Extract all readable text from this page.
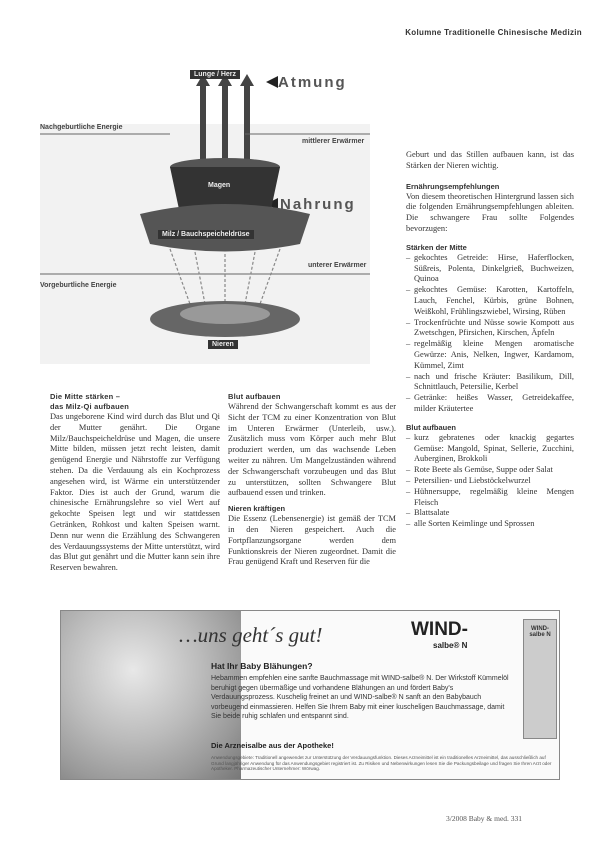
Kolumne Traditionelle Chinesische Medizin
Lunge / Herz	Atmung
Nachgeburtliche Energie
mittlerer Erwärmer
Magen
Nahrung
Milz / Bauchspeicheldrüse
unterer Erwärmer
Vorgeburtliche Energie
Nieren
Die Mitte stärken –
das Milz-Qi aufbauen

Das ungeborene Kind wird durch das Blut und Qi der Mutter genährt. Die Organe Milz/Bauchspeicheldrüse und Magen, die unsere Mitte bilden, müssen jetzt recht leisten, damit genügend Energie und Nährstoffe zur Verfügung stehen. Da die Verdauung als ein Kochprozess angesehen wird, ist Wärme ein unterstützender Faktor. Dies ist auch der Grund, warum die chinesische Ernährungslehre so viel Wert auf gekochte Speisen legt und wir stattdessen Getränken, Rohkost und kalten Speisen warnt. Denn nur wenn die Erzählung des Schwangeren des Verdauungssystems der Mitte unterstützt, wird das Blut gut genährt und die Mutter kann sein ihre Reserven bewahren.

Blut aufbauen

Während der Schwangerschaft kommt es aus der Sicht der TCM zu einer Konzentration von Blut im Unteren Erwärmer (Unterleib, usw.). Zusätzlich muss vom Körper auch mehr Blut produziert werden, um das wachsende Leben weiter zu nähren. Um Mangelzuständen während der Schwangerschaft vorzubeugen und das Blut zu unterstützen, sollten Schwangere Blut aufbauend essen und trinken.

Nieren kräftigen

Die Essenz (Lebensenergie) ist gemäß der TCM in den Nieren gespeichert. Auch die Fortpflanzungsorgane werden dem Funktionskreis der Nieren zugeordnet. Damit die Frau genügend Kraft und Reserven für die

Geburt und das Stillen aufbauen kann, ist das Stärken der Nieren wichtig.

Ernährungsempfehlungen

Von diesem theoretischen Hintergrund lassen sich die folgenden Ernährungsempfehlungen ableiten. Die schwangere Frau sollte Folgendes bevorzugen:

Stärken der Mitte
– gekochtes Getreide: Hirse, Haferflocken, Süßreis, Polenta, Dinkelgrieß, Buchweizen, Quinoa
– gekochtes Gemüse: Karotten, Kartoffeln, Lauch, Fenchel, Kürbis, grüne Bohnen, Weißkohl, Frühlingszwiebel, Wirsing, Rüben
– Trockenfrüchte und Nüsse sowie Kompott aus Zwetschgen, Pfirsichen, Kirschen, Äpfeln
– regelmäßig kleine Mengen aromatische Gewürze: Anis, Nelken, Ingwer, Kardamom, Kümmel, Zimt
– nach und frische Kräuter: Basilikum, Dill, Schnittlauch, Petersilie, Kerbel
– Getränke: heißes Wasser, Getreidekaffee, milder Kräutertee
Blut aufbauen
– kurz gebratenes oder knackig gegartes Gemüse: Mangold, Spinat, Sellerie, Zucchini, Auberginen, Brokkoli
– Rote Beete als Gemüse, Suppe oder Salat
– Petersilien- und Liebstöckelwurzel
– Hühnersuppe, regelmäßig kleine Mengen Fleisch
– Blattsalate
– alle Sorten Keimlinge und Sprossen
…uns geht´s gut!	WIND-
salbe® N
WIND-salbe N
Hat Ihr Baby Blähungen?
Hebammen empfehlen eine sanfte Bauchmassage mit WIND-salbe® N. Der Wirkstoff Kümmelöl beruhigt gegen übermäßige und vorhandene Blähungen an und fördert Baby's Verdauungsprozess. Kuschelig freinet an und WIND-salbe® N sanft an den Babybauch vorbeugend einmassieren. Helfen Sie Ihrem Baby mit einer kuscheligen Bauchmassage, damit Sie beide ruhig schlafen und entspannt sind.
Die Arzneisalbe aus der Apotheke!
Anwendungsgebiete: Traditionell angewendet zur Unterstützung der Verdauungsfunktion. Dieses Arzneimittel ist ein traditionelles Arzneimittel, das ausschließlich auf Grund langjähriger Anwendung für das Anwendungsgebiet registriert ist. Zu Risiken und Nebenwirkungen lesen Sie die Packungsbeilage und fragen Sie Ihren Arzt oder Apotheker. Pharmazeutischer Unternehmer: Wörwag.
3/2008 Baby & med. 331
